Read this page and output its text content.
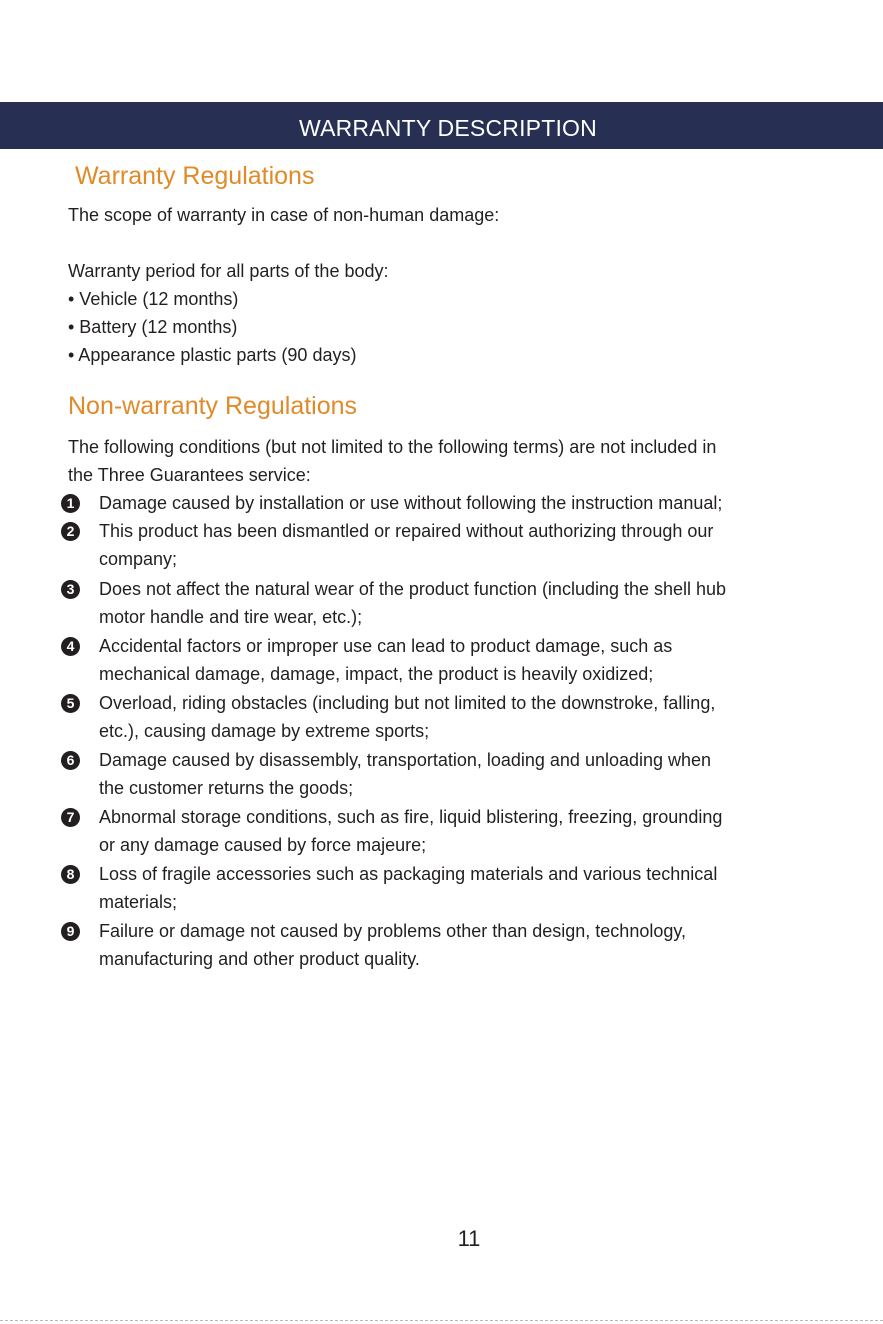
WARRANTY DESCRIPTION
Warranty Regulations
The scope of warranty in case of non-human damage:
Warranty period for all parts of the body:
• Vehicle (12 months)
• Battery (12 months)
• Appearance plastic parts (90 days)
Non-warranty Regulations
The following conditions (but not limited to the following terms) are not included in
the Three Guarantees service:
1	Damage caused by installation or use without following the instruction manual;
2	This product has been dismantled or repaired without authorizing through our
company;
3	Does not affect the natural wear of the product function (including the shell hub
motor handle and tire wear, etc.);
4	Accidental factors or improper use can lead to product damage, such as
mechanical damage, damage, impact, the product is heavily oxidized;
5	Overload, riding obstacles (including but not limited to the downstroke, falling,
etc.), causing damage by extreme sports;
6	Damage caused by disassembly, transportation, loading and unloading when
the customer returns the goods;
7	Abnormal storage conditions, such as fire, liquid blistering, freezing, grounding
or any damage caused by force majeure;
8	Loss of fragile accessories such as packaging materials and various technical
materials;
9	Failure or damage not caused by problems other than design, technology,
manufacturing and other product quality.
11
